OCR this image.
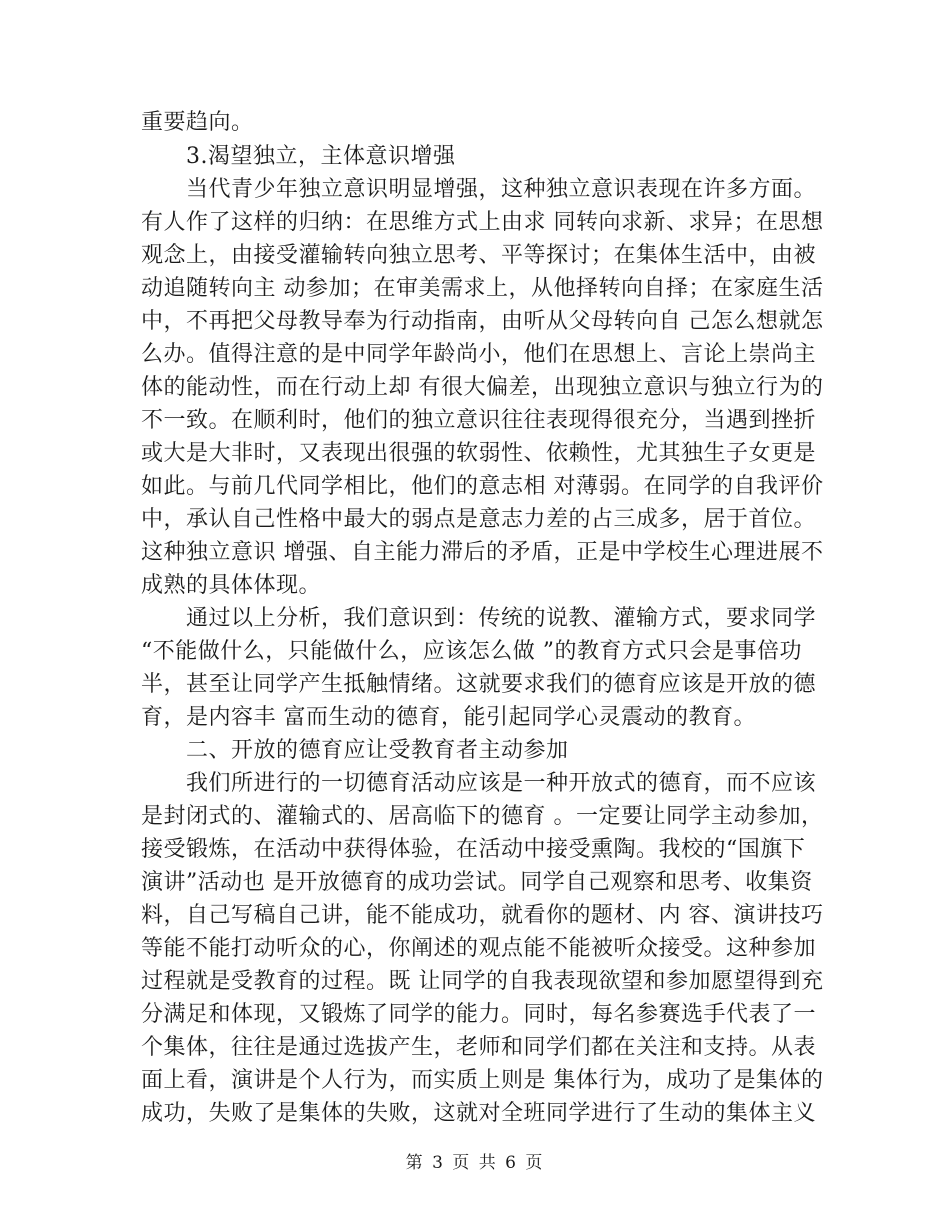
重要趋向。
　　3.渴望独立，主体意识增强
　　当代青少年独立意识明显增强，这种独立意识表现在许多方面。
有人作了这样的归纳：在思维方式上由求 同转向求新、求异；在思想
观念上，由接受灌输转向独立思考、平等探讨；在集体生活中，由被
动追随转向主 动参加；在审美需求上，从他择转向自择；在家庭生活
中，不再把父母教导奉为行动指南，由听从父母转向自 己怎么想就怎
么办。值得注意的是中同学年龄尚小，他们在思想上、言论上崇尚主
体的能动性，而在行动上却 有很大偏差，出现独立意识与独立行为的
不一致。在顺利时，他们的独立意识往往表现得很充分，当遇到挫折
或大是大非时，又表现出很强的软弱性、依赖性，尤其独生子女更是
如此。与前几代同学相比，他们的意志相 对薄弱。在同学的自我评价
中，承认自己性格中最大的弱点是意志力差的占三成多，居于首位。
这种独立意识 增强、自主能力滞后的矛盾，正是中学校生心理进展不
成熟的具体体现。
　　通过以上分析，我们意识到：传统的说教、灌输方式，要求同学
“不能做什么，只能做什么，应该怎么做 ”的教育方式只会是事倍功
半，甚至让同学产生抵触情绪。这就要求我们的德育应该是开放的德
育，是内容丰 富而生动的德育，能引起同学心灵震动的教育。
　　二、开放的德育应让受教育者主动参加
　　我们所进行的一切德育活动应该是一种开放式的德育，而不应该
是封闭式的、灌输式的、居高临下的德育 。一定要让同学主动参加，
接受锻炼，在活动中获得体验，在活动中接受熏陶。我校的“国旗下
演讲”活动也 是开放德育的成功尝试。同学自己观察和思考、收集资
料，自己写稿自己讲，能不能成功，就看你的题材、内 容、演讲技巧
等能不能打动听众的心，你阐述的观点能不能被听众接受。这种参加
过程就是受教育的过程。既 让同学的自我表现欲望和参加愿望得到充
分满足和体现，又锻炼了同学的能力。同时，每名参赛选手代表了一
个集体，往往是通过选拔产生，老师和同学们都在关注和支持。从表
面上看，演讲是个人行为，而实质上则是 集体行为，成功了是集体的
成功，失败了是集体的失败，这就对全班同学进行了生动的集体主义
第 3 页 共 6 页
